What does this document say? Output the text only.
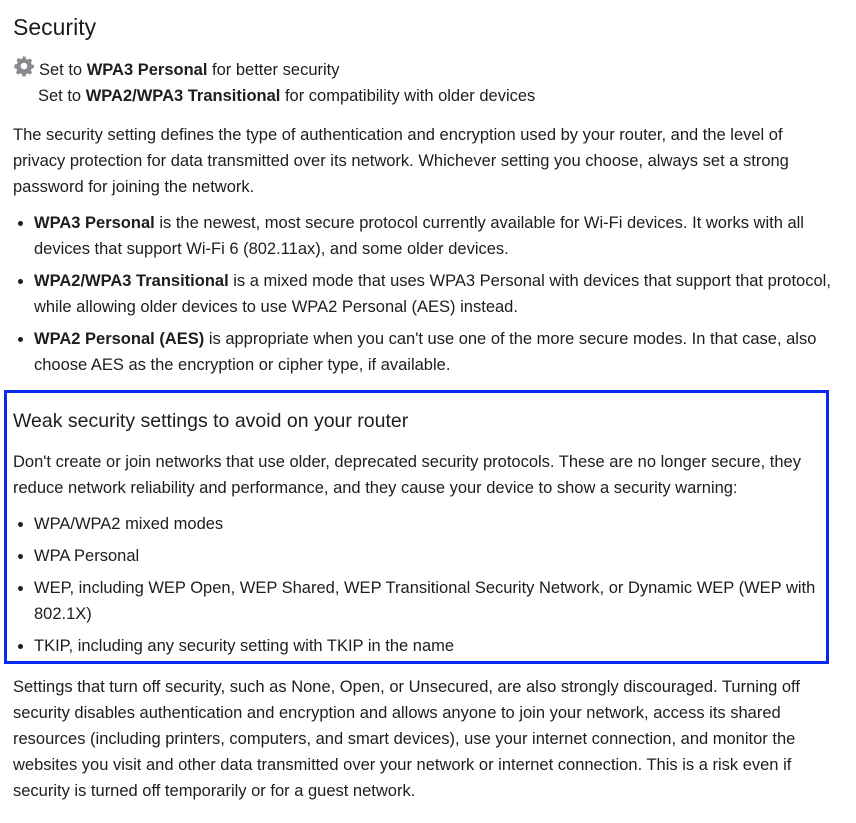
Security
Set to WPA3 Personal for better security
Set to WPA2/WPA3 Transitional for compatibility with older devices

The security setting defines the type of authentication and encryption used by your router, and the level of privacy protection for data transmitted over its network. Whichever setting you choose, always set a strong password for joining the network.

WPA3 Personal is the newest, most secure protocol currently available for Wi-Fi devices. It works with all devices that support Wi-Fi 6 (802.11ax), and some older devices.
WPA2/WPA3 Transitional is a mixed mode that uses WPA3 Personal with devices that support that protocol, while allowing older devices to use WPA2 Personal (AES) instead.
WPA2 Personal (AES) is appropriate when you can't use one of the more secure modes. In that case, also choose AES as the encryption or cipher type, if available.
Weak security settings to avoid on your router

Don't create or join networks that use older, deprecated security protocols. These are no longer secure, they reduce network reliability and performance, and they cause your device to show a security warning:

WPA/WPA2 mixed modes
WPA Personal
WEP, including WEP Open, WEP Shared, WEP Transitional Security Network, or Dynamic WEP (WEP with 802.1X)
TKIP, including any security setting with TKIP in the name

Settings that turn off security, such as None, Open, or Unsecured, are also strongly discouraged. Turning off security disables authentication and encryption and allows anyone to join your network, access its shared resources (including printers, computers, and smart devices), use your internet connection, and monitor the websites you visit and other data transmitted over your network or internet connection. This is a risk even if security is turned off temporarily or for a guest network.
